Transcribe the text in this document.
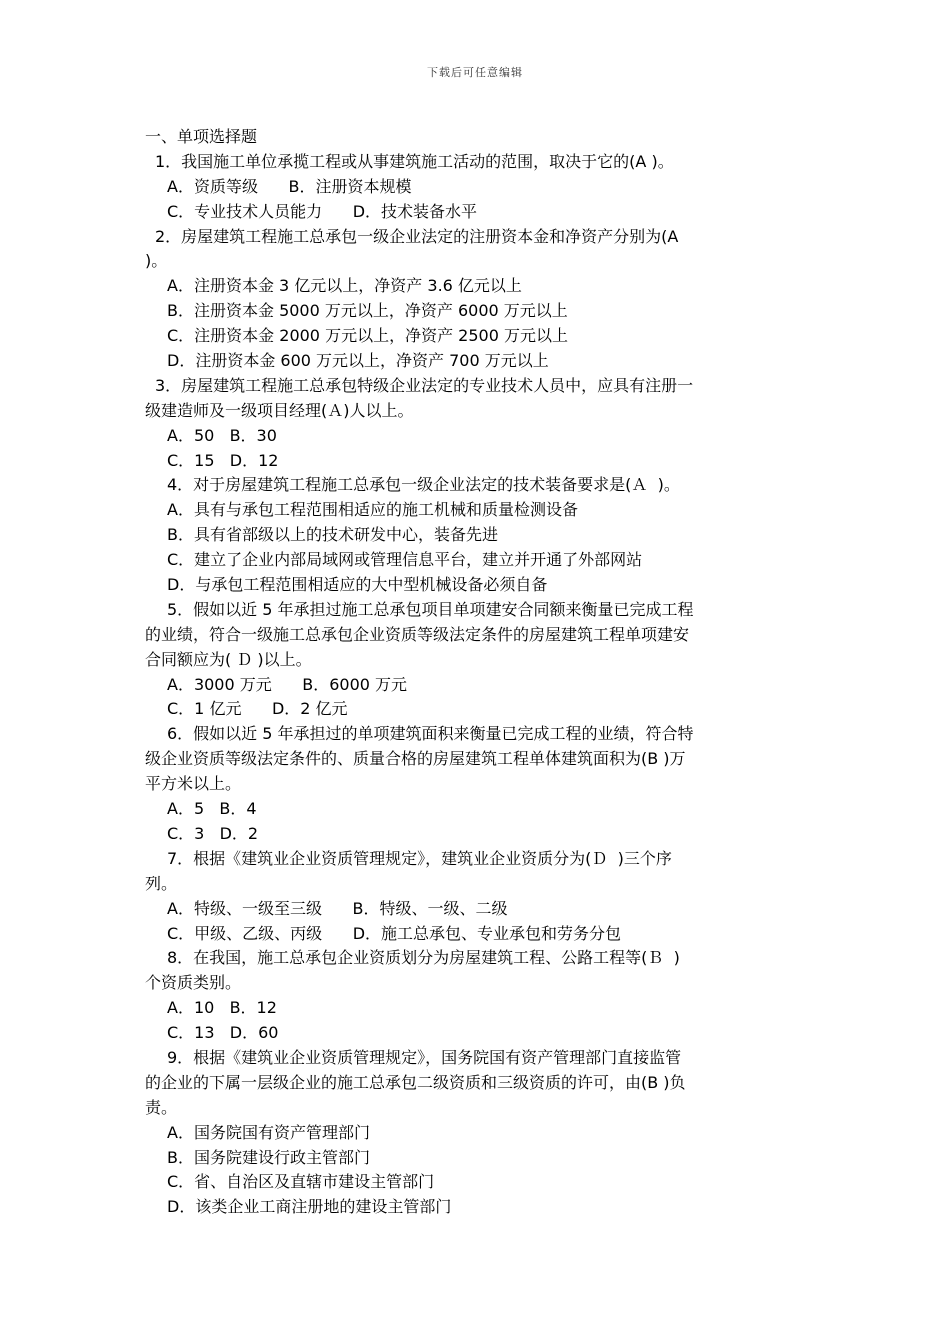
下载后可任意编辑
一、单项选择题
1．我国施工单位承揽工程或从事建筑施工活动的范围，取决于它的(A )。
A．资质等级      B．注册资本规模
C．专业技术人员能力      D．技术装备水平
2．房屋建筑工程施工总承包一级企业法定的注册资本金和净资产分别为(A
)。
A．注册资本金 3 亿元以上，净资产 3.6 亿元以上
B．注册资本金 5000 万元以上，净资产 6000 万元以上
C．注册资本金 2000 万元以上，净资产 2500 万元以上
D．注册资本金 600 万元以上，净资产 700 万元以上
3．房屋建筑工程施工总承包特级企业法定的专业技术人员中，应具有注册一
级建造师及一级项目经理(Ａ)人以上。
A．50   B．30
C．15   D．12
4．对于房屋建筑工程施工总承包一级企业法定的技术装备要求是(Ａ  )。
A．具有与承包工程范围相适应的施工机械和质量检测设备
B．具有省部级以上的技术研发中心，装备先进
C．建立了企业内部局域网或管理信息平台，建立并开通了外部网站
D．与承包工程范围相适应的大中型机械设备必须自备
5．假如以近 5 年承担过施工总承包项目单项建安合同额来衡量已完成工程
的业绩，符合一级施工总承包企业资质等级法定条件的房屋建筑工程单项建安
合同额应为( Ｄ )以上。
A．3000 万元      B．6000 万元
C．1 亿元      D．2 亿元
6．假如以近 5 年承担过的单项建筑面积来衡量已完成工程的业绩，符合特
级企业资质等级法定条件的、质量合格的房屋建筑工程单体建筑面积为(B )万
平方米以上。
A．5   B．4
C．3   D．2
7．根据《建筑业企业资质管理规定》，建筑业企业资质分为(Ｄ  )三个序
列。
A．特级、一级至三级      B．特级、一级、二级
C．甲级、乙级、丙级      D．施工总承包、专业承包和劳务分包
8．在我国，施工总承包企业资质划分为房屋建筑工程、公路工程等(Ｂ  )
个资质类别。
A．10   B．12
C．13   D．60
9．根据《建筑业企业资质管理规定》，国务院国有资产管理部门直接监管
的企业的下属一层级企业的施工总承包二级资质和三级资质的许可，由(B )负
责。
A．国务院国有资产管理部门
B．国务院建设行政主管部门
C．省、自治区及直辖市建设主管部门
D．该类企业工商注册地的建设主管部门
